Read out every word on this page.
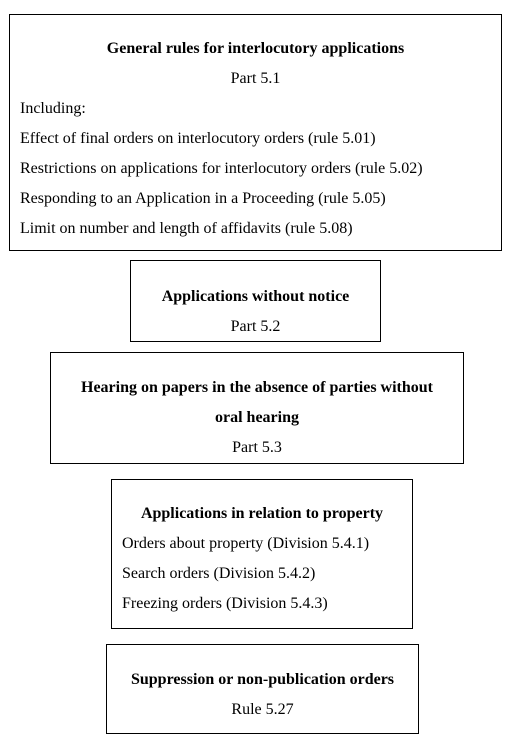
General rules for interlocutory applications
Part 5.1
Including:
Effect of final orders on interlocutory orders (rule 5.01)
Restrictions on applications for interlocutory orders (rule 5.02)
Responding to an Application in a Proceeding (rule 5.05)
Limit on number and length of affidavits (rule 5.08)
Applications without notice
Part 5.2
Hearing on papers in the absence of parties without
oral hearing
Part 5.3
Applications in relation to property
Orders about property (Division 5.4.1)
Search orders (Division 5.4.2)
Freezing orders (Division 5.4.3)
Suppression or non-publication orders
Rule 5.27
